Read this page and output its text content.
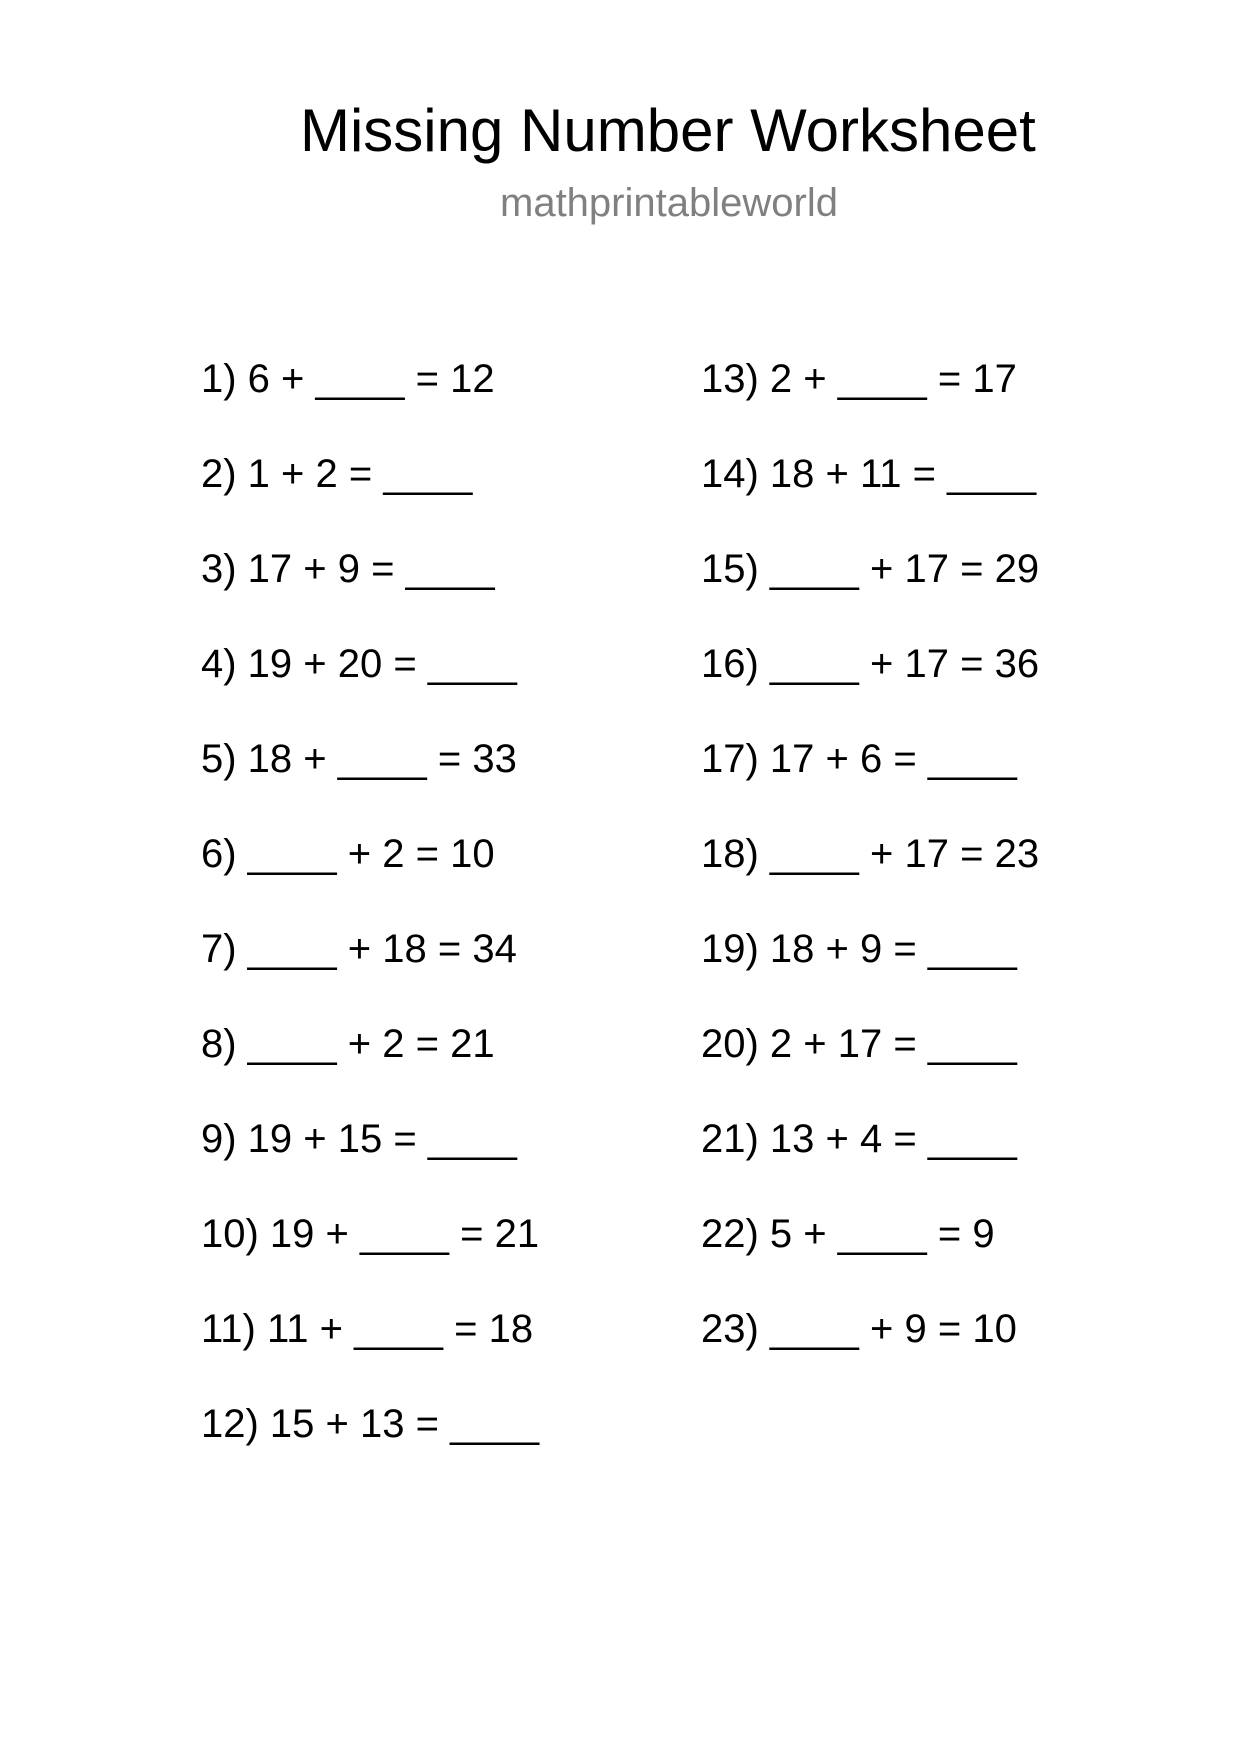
Missing Number Worksheet
mathprintableworld
1) 6 + ____ = 12
2) 1 + 2 = ____
3) 17 + 9 = ____
4) 19 + 20 = ____
5) 18 + ____ = 33
6) ____ + 2 = 10
7) ____ + 18 = 34
8) ____ + 2 = 21
9) 19 + 15 = ____
10) 19 + ____ = 21
11) 11 + ____ = 18
12) 15 + 13 = ____
13) 2 + ____ = 17
14) 18 + 11 = ____
15) ____ + 17 = 29
16) ____ + 17 = 36
17) 17 + 6 = ____
18) ____ + 17 = 23
19) 18 + 9 = ____
20) 2 + 17 = ____
21) 13 + 4 = ____
22) 5 + ____ = 9
23) ____ + 9 = 10
